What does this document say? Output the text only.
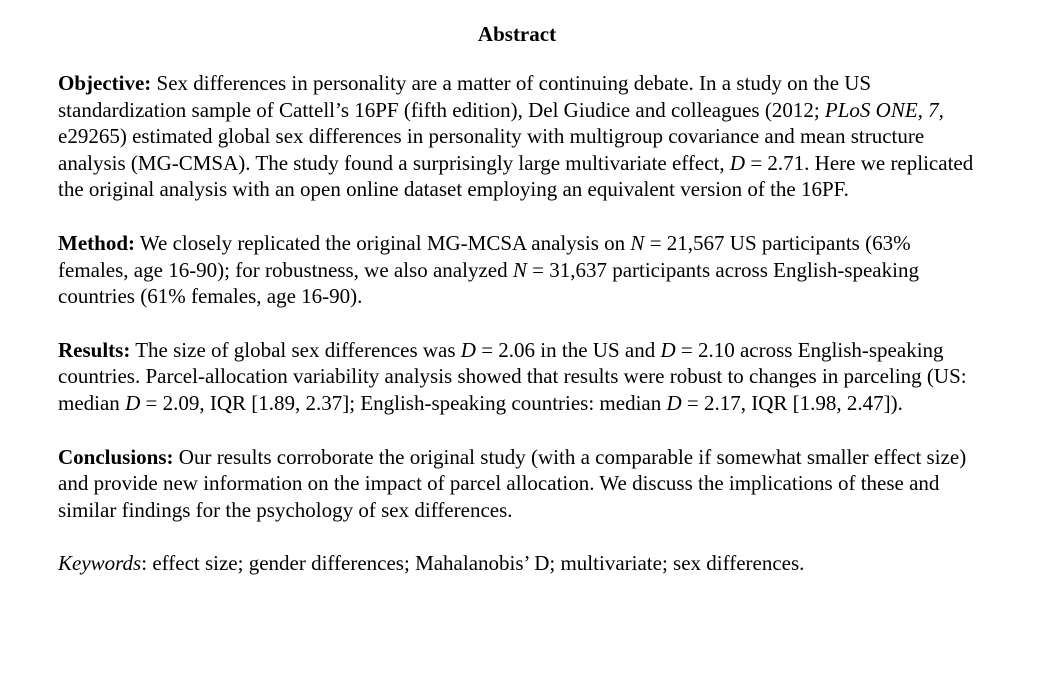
Abstract

Objective: Sex differences in personality are a matter of continuing debate. In a study on the US standardization sample of Cattell’s 16PF (fifth edition), Del Giudice and colleagues (2012; PLoS ONE, 7, e29265) estimated global sex differences in personality with multigroup covariance and mean structure analysis (MG-CMSA). The study found a surprisingly large multivariate effect, D = 2.71. Here we replicated the original analysis with an open online dataset employing an equivalent version of the 16PF.

Method: We closely replicated the original MG-MCSA analysis on N = 21,567 US participants (63% females, age 16-90); for robustness, we also analyzed N = 31,637 participants across English-speaking countries (61% females, age 16-90).

Results: The size of global sex differences was D = 2.06 in the US and D = 2.10 across English-speaking countries. Parcel-allocation variability analysis showed that results were robust to changes in parceling (US: median D = 2.09, IQR [1.89, 2.37]; English-speaking countries: median D = 2.17, IQR [1.98, 2.47]).

Conclusions: Our results corroborate the original study (with a comparable if somewhat smaller effect size) and provide new information on the impact of parcel allocation. We discuss the implications of these and similar findings for the psychology of sex differences.

Keywords: effect size; gender differences; Mahalanobis’ D; multivariate; sex differences.
